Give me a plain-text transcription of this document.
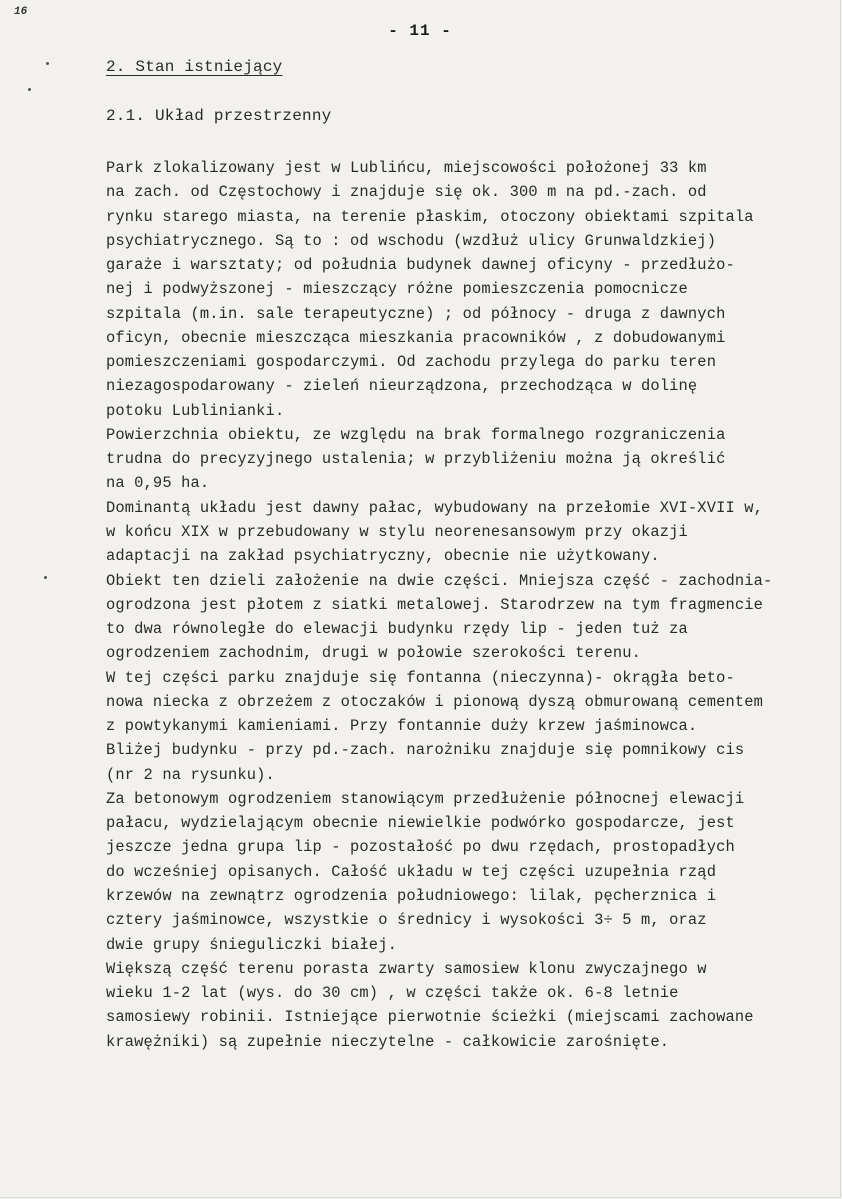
16
- 11 -
2. Stan istniejący
2.1. Układ przestrzenny
Park zlokalizowany jest w Lublińcu, miejscowości położonej 33 km
na zach. od Częstochowy i znajduje się ok. 300 m na pd.-zach. od
rynku starego miasta, na terenie płaskim, otoczony obiektami szpitala
psychiatrycznego. Są to : od wschodu (wzdłuż ulicy Grunwaldzkiej)
garaże i warsztaty; od południa budynek dawnej oficyny - przedłużo-
nej i podwyższonej - mieszczący różne pomieszczenia pomocnicze
szpitala (m.in. sale terapeutyczne) ; od północy - druga z dawnych
oficyn, obecnie mieszcząca mieszkania pracowników , z dobudowanymi
pomieszczeniami gospodarczymi. Od zachodu przylega do parku teren
niezagospodarowany - zieleń nieurządzona, przechodząca w dolinę
potoku Lublinianki.
Powierzchnia obiektu, ze względu na brak formalnego rozgraniczenia
trudna do precyzyjnego ustalenia; w przybliżeniu można ją określić
na 0,95 ha.
Dominantą układu jest dawny pałac, wybudowany na przełomie XVI-XVII w,
w końcu XIX w przebudowany w stylu neorenesansowym przy okazji
adaptacji na zakład psychiatryczny, obecnie nie użytkowany.
Obiekt ten dzieli założenie na dwie części. Mniejsza część - zachodnia-
ogrodzona jest płotem z siatki metalowej. Starodrzew na tym fragmencie
to dwa równoległe do elewacji budynku rzędy lip - jeden tuż za
ogrodzeniem zachodnim, drugi w połowie szerokości terenu.
W tej części parku znajduje się fontanna (nieczynna)- okrągła beto-
nowa niecka z obrzeżem z otoczaków i pionową dyszą obmurowaną cementem
z powtykanymi kamieniami. Przy fontannie duży krzew jaśminowca.
Bliżej budynku - przy pd.-zach. narożniku znajduje się pomnikowy cis
(nr 2 na rysunku).
Za betonowym ogrodzeniem stanowiącym przedłużenie północnej elewacji
pałacu, wydzielającym obecnie niewielkie podwórko gospodarcze, jest
jeszcze jedna grupa lip - pozostałość po dwu rzędach, prostopadłych
do wcześniej opisanych. Całość układu w tej części uzupełnia rząd
krzewów na zewnątrz ogrodzenia południowego: lilak, pęcherznica i
cztery jaśminowce, wszystkie o średnicy i wysokości 3÷ 5 m, oraz
dwie grupy śnieguliczki białej.
Większą część terenu porasta zwarty samosiew klonu zwyczajnego w
wieku 1-2 lat (wys. do 30 cm) , w części także ok. 6-8 letnie
samosiewy robinii. Istniejące pierwotnie ścieżki (miejscami zachowane
krawężniki) są zupełnie nieczytelne - całkowicie zarośnięte.
